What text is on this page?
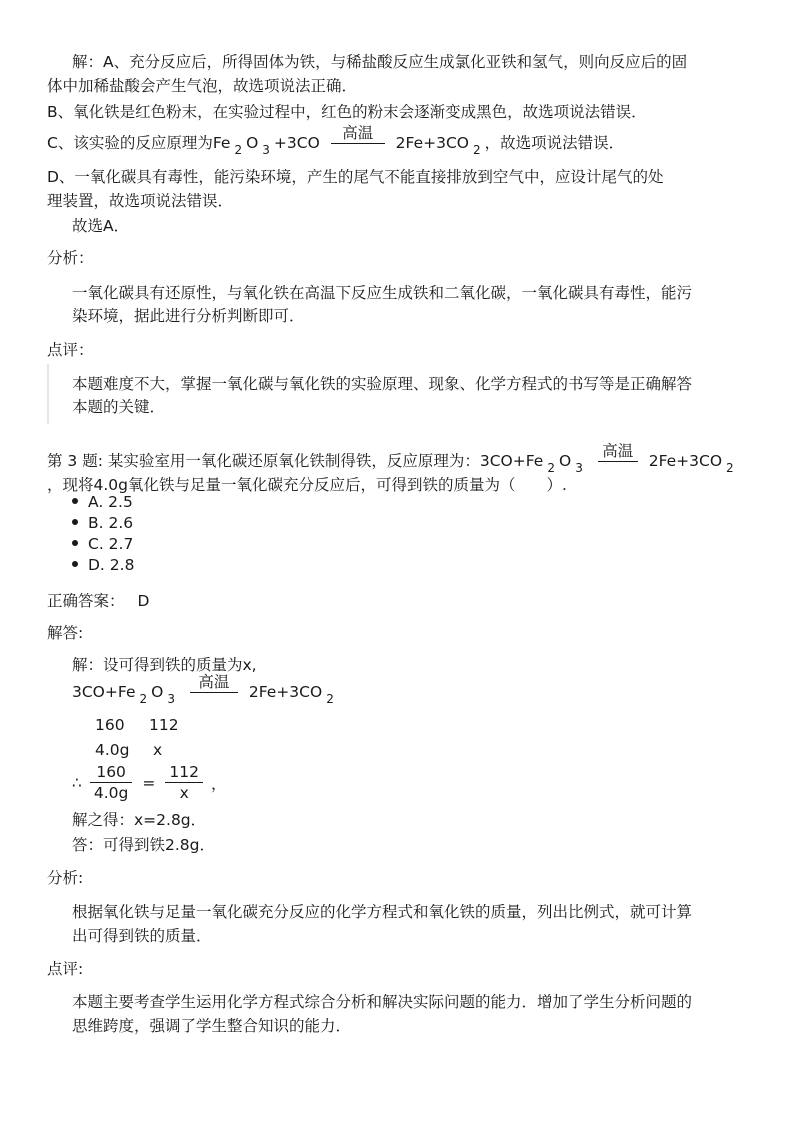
解：A、充分反应后，所得固体为铁，与稀盐酸反应生成氯化亚铁和氢气，则向反应后的固
体中加稀盐酸会产生气泡，故选项说法正确．
B、氧化铁是红色粉末，在实验过程中，红色的粉末会逐渐变成黑色，故选项说法错误．
C、该实验的反应原理为Fe $_2$ O $_3$ +3CO
高温
2Fe+3CO $_2$ ，故选项说法错误．
D、一氧化碳具有毒性，能污染环境，产生的尾气不能直接排放到空气中，应设计尾气的处
理装置，故选项说法错误．
故选A．
分析：
一氧化碳具有还原性，与氧化铁在高温下反应生成铁和二氧化碳，一氧化碳具有毒性，能污
染环境，据此进行分析判断即可．
点评：
本题难度不大，掌握一氧化碳与氧化铁的实验原理、现象、化学方程式的书写等是正确解答
本题的关键．
第 3 题: 某实验室用一氧化碳还原氧化铁制得铁，反应原理为：3CO+Fe $_2$ O $_3$
高温
2Fe+3CO $_2$
，现将4.0g氧化铁与足量一氧化碳充分反应后，可得到铁的质量为（　　）.
A. 2.5
B. 2.6
C. 2.7
D. 2.8
正确答案： D
解答:
解：设可得到铁的质量为x,
3CO+Fe $_2$ O $_3$
高温
2Fe+3CO $_2$
160 112
4.0g x
∴ $\frac{160}{4.0g} = \frac{112}{x}$ ，
解之得：x=2.8g．
答：可得到铁2.8g．
分析:
根据氧化铁与足量一氧化碳充分反应的化学方程式和氧化铁的质量，列出比例式，就可计算
出可得到铁的质量．
点评:
本题主要考查学生运用化学方程式综合分析和解决实际问题的能力．增加了学生分析问题的
思维跨度，强调了学生整合知识的能力．
